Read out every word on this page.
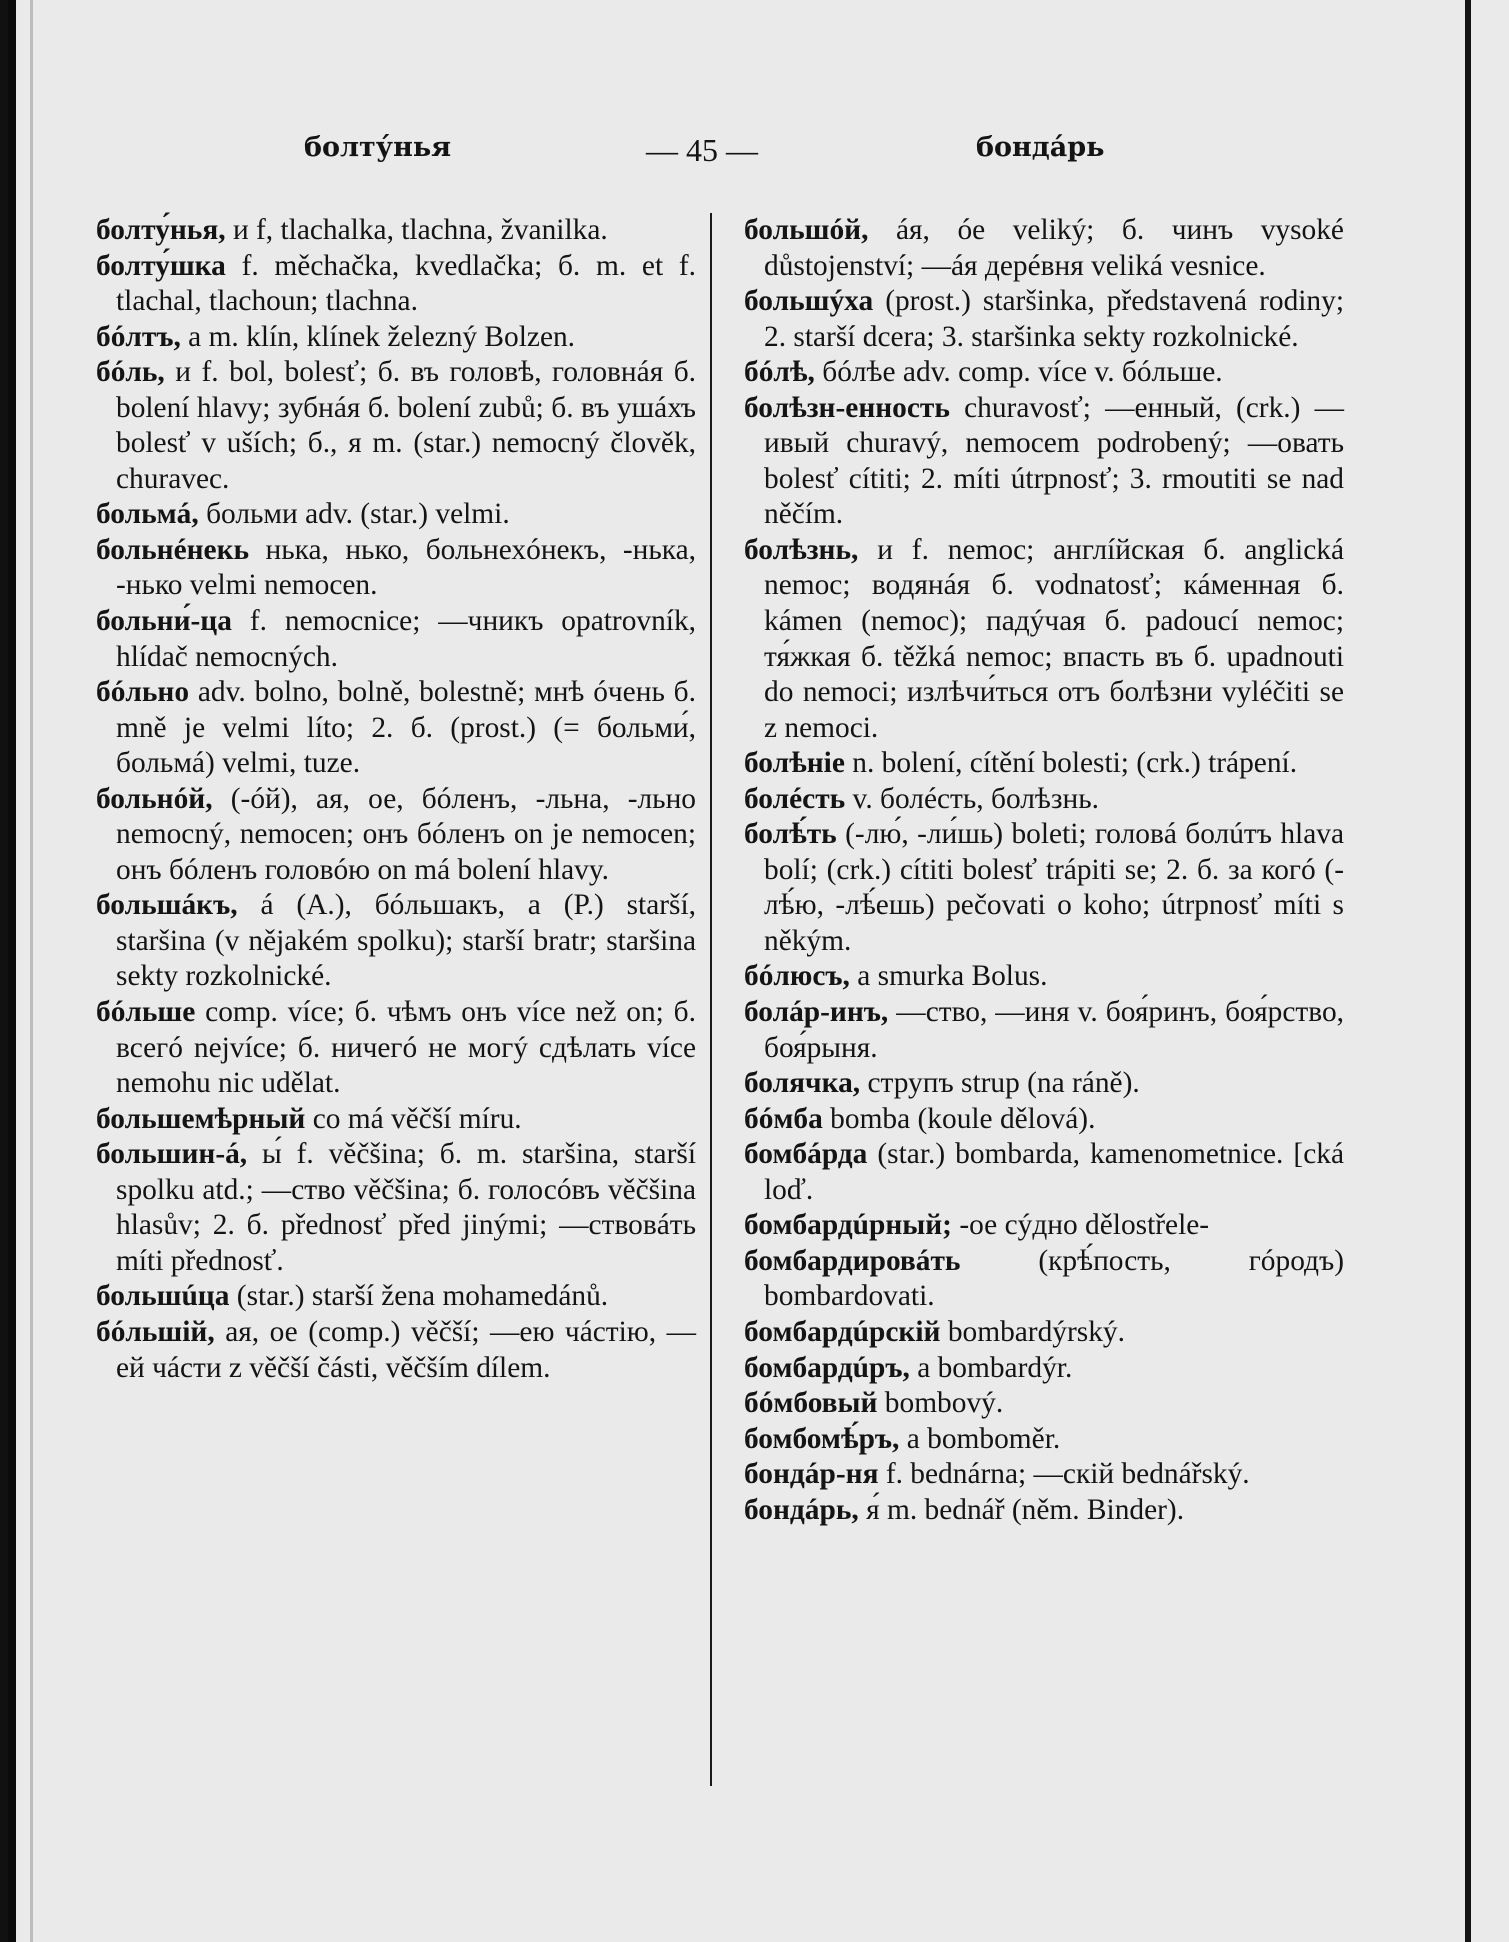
болту́нья	— 45 —	бондáрь

болту́нья, и f, tlachalka, tlachna, žvanilka.

болту́шка f. měchačka, kvedlačka; б. m. et f. tlachal, tlachoun; tlachna.

бóлтъ, a m. klín, klínek železný Bolzen.

бóль, и f. bol, bolesť; б. въ головѣ, головнáя б. bolení hlavy; зубнáя б. bolení zubů; б. въ ушáхъ bolesť v uších; б., я m. (star.) nemocný člověk, churavec.

больмá, больми adv. (star.) velmi.

больнéнекь нька, нько, больнехóнекъ, -нька, -нько velmi nemocen.

больни́-ца f. nemocnice; —чникъ opatrovník, hlídač nemocných.

бóльно adv. bolno, bolně, bolestně; мнѣ óчень б. mně je velmi líto; 2. б. (prost.) (= больми́, больмá) velmi, tuze.

больнóй, (-óй), ая, ое, бóленъ, -льна, -льно nemocný, nemocen; онъ бóленъ on je nemocen; онъ бóленъ головóю on má bolení hlavy.

большáкъ, á (A.), бóльшакъ, a (P.) starší, staršina (v nějakém spolku); starší bratr; staršina sekty rozkolnické.

бóльше comp. více; б. чѣмъ онъ více než on; б. всегó nejvíce; б. ничегó не могý сдѣлать více nemohu nic udělat.

большемѣрный co má věčší míru.

большин-á, ы́ f. věčšina; б. m. staršina, starší spolku atd.; —ство věčšina; б. голосóвъ věčšina hlasův; 2. б. přednosť před jinými; —ствовáть míti přednosť.

большúца (star.) starší žena mohamedánů.

бóльшій, ая, ое (comp.) věčší; —ею чáстію, —ей чáсти z věčší části, věčším dílem.

большóй, áя, óе veliký; б. чинъ vysoké důstojenství; —áя дерéвня veliká vesnice.

большýха (prost.) staršinka, představená rodiny; 2. starší dcera; 3. staršinka sekty rozkolnické.

бóлѣ, бóлѣе adv. comp. více v. бóльше.

болѣзн-енность churavosť; —енный, (crk.) —ивый churavý, nemocem podrobený; —овать bolesť cítiti; 2. míti útrpnosť; 3. rmoutiti se nad něčím.

болѣзнь, и f. nemoc; англíйская б. anglická nemoc; водянáя б. vodnatosť; кáменная б. kámen (nemoc); падýчая б. padoucí nemoc; тя́жкая б. těžká nemoc; впасть въ б. upadnouti do nemoci; излѣчи́ться отъ болѣзни vyléčiti se z nemoci.

болѣнie n. bolení, cítění bolesti; (crk.) trápení.

болéсть v. болéсть, болѣзнь.

болѣ́ть (-лю́, -ли́шь) boleti; головá болúтъ hlava bolí; (crk.) cítiti bolesť trápiti se; 2. б. за когó (-лѣ́ю, -лѣ́ешь) pečovati o koho; útrpnosť míti s někým.

бóлюсъ, a smurka Bolus.

болáр-инъ, —ство, —иня v. боя́ринъ, боя́рство, боя́рыня.

болячка, струпъ strup (na ráně).

бóмба bomba (koule dělová).

бомбáрда (star.) bombarda, kamenometnice. [cká loď.

бомбардúрный; -ое сýдно dělostřele-

бомбардировáть	(крѣ́пость, гóродъ) bombardovati.

бомбардúрскій bombardýrský.

бомбардúръ, a bombardýr.

бóмбовый bombový.

бомбомѣ́ръ, a bomboměr.

бондáр-ня f. bednárna; —скій bednářský.

бондáрь, я́ m. bednář (něm. Binder).
